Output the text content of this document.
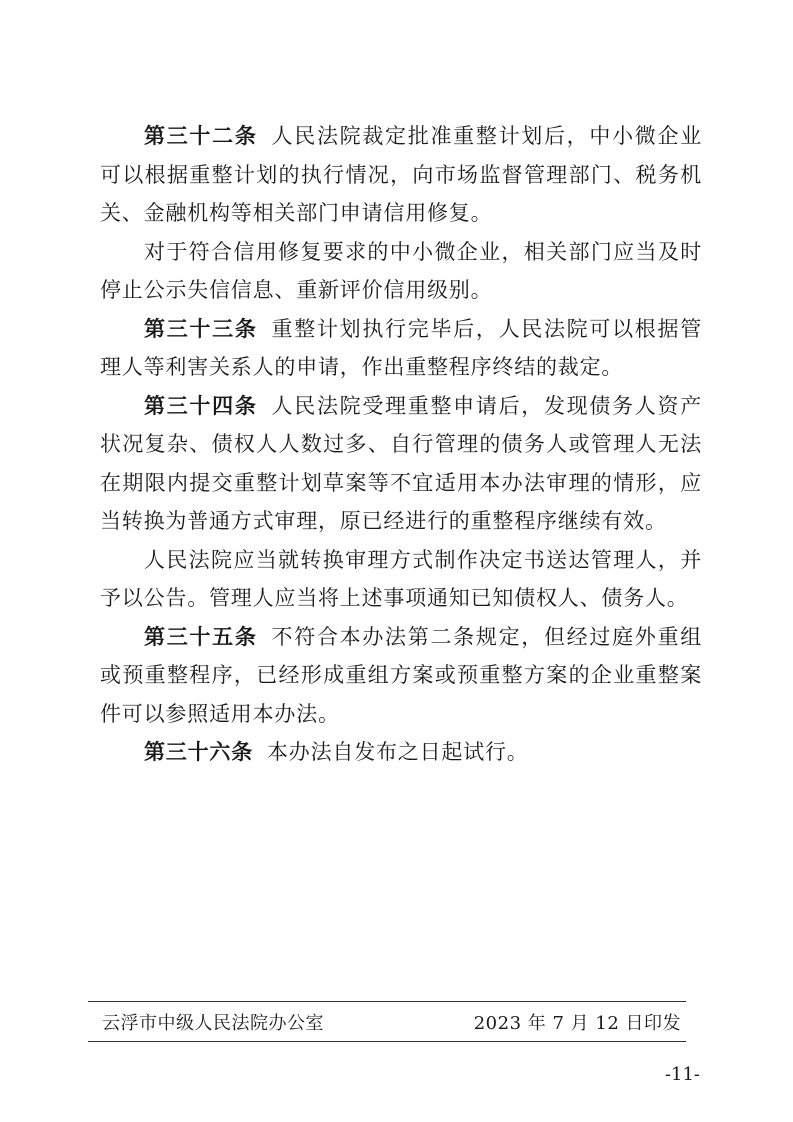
第三十二条 人民法院裁定批准重整计划后，中小微企业可以根据重整计划的执行情况，向市场监督管理部门、税务机关、金融机构等相关部门申请信用修复。

对于符合信用修复要求的中小微企业，相关部门应当及时停止公示失信信息、重新评价信用级别。

第三十三条 重整计划执行完毕后，人民法院可以根据管理人等利害关系人的申请，作出重整程序终结的裁定。

第三十四条 人民法院受理重整申请后，发现债务人资产状况复杂、债权人人数过多、自行管理的债务人或管理人无法在期限内提交重整计划草案等不宜适用本办法审理的情形，应当转换为普通方式审理，原已经进行的重整程序继续有效。

人民法院应当就转换审理方式制作决定书送达管理人，并予以公告。管理人应当将上述事项通知已知债权人、债务人。

第三十五条 不符合本办法第二条规定，但经过庭外重组或预重整程序，已经形成重组方案或预重整方案的企业重整案件可以参照适用本办法。

第三十六条 本办法自发布之日起试行。

云浮市中级人民法院办公室	2023 年 7 月 12 日印发
-11-
